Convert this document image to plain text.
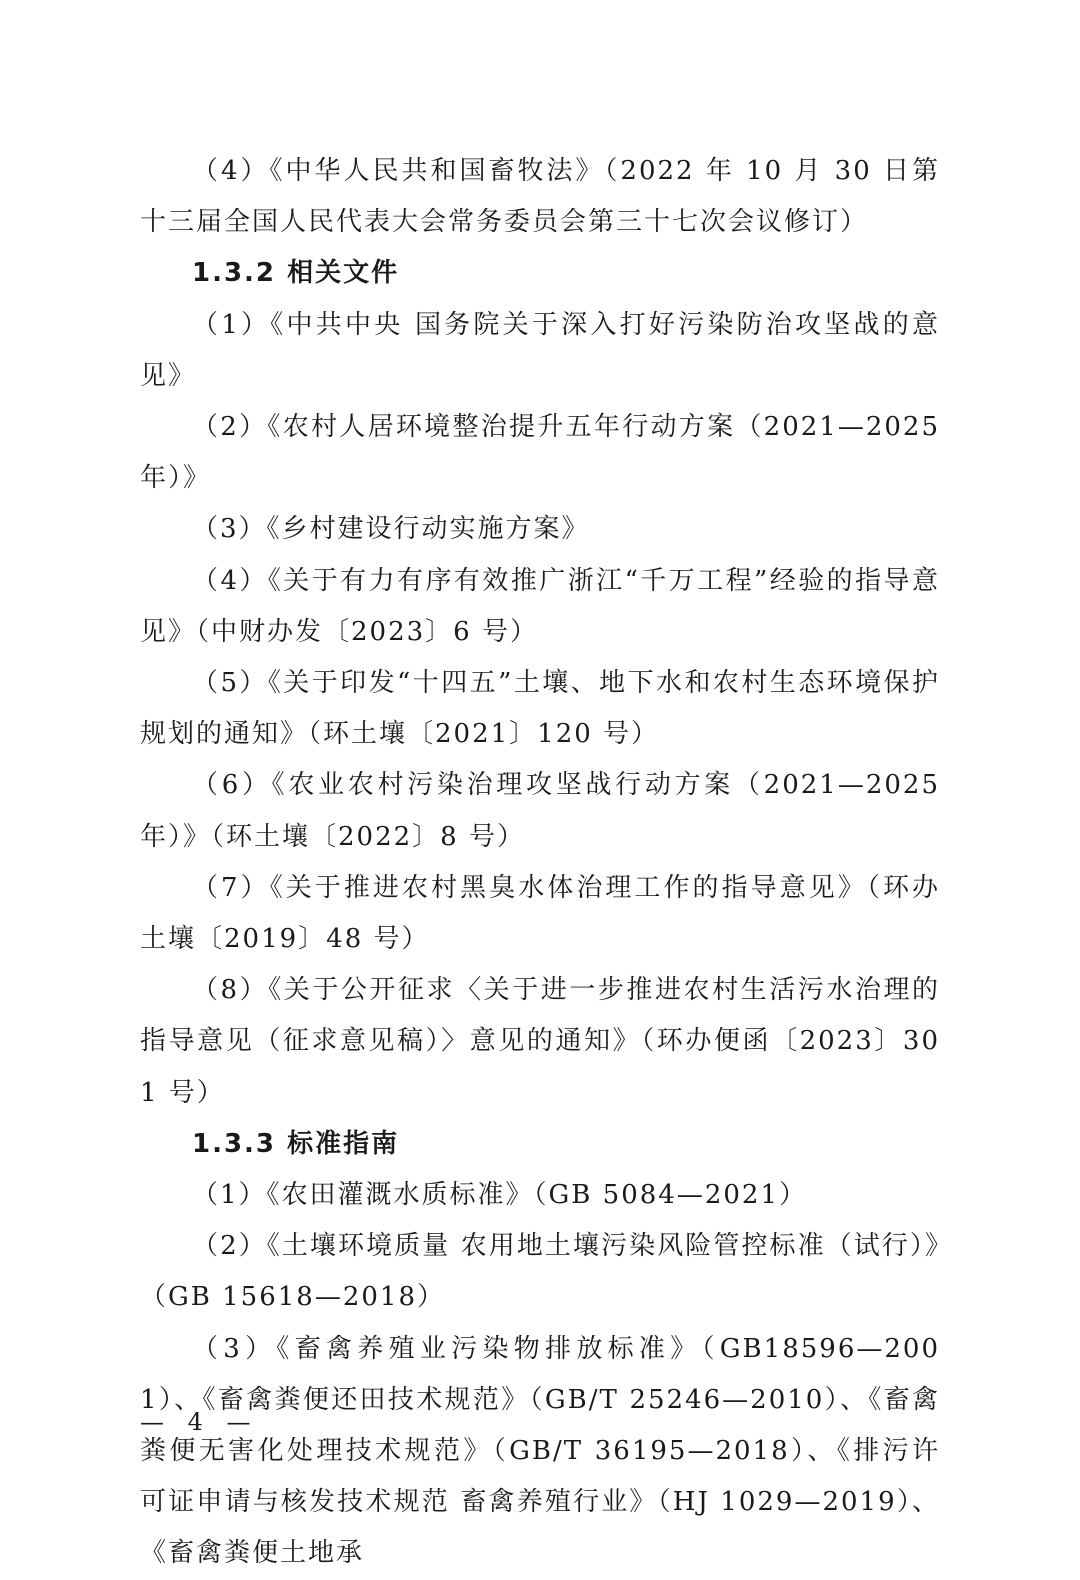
（4）《中华人民共和国畜牧法》（2022 年 10 月 30 日第十三届全国人民代表大会常务委员会第三十七次会议修订）

1.3.2 相关文件

（1）《中共中央 国务院关于深入打好污染防治攻坚战的意见》

（2）《农村人居环境整治提升五年行动方案（2021—2025 年）》

（3）《乡村建设行动实施方案》

（4）《关于有力有序有效推广浙江“千万工程”经验的指导意见》（中财办发〔2023〕6 号）

（5）《关于印发“十四五”土壤、地下水和农村生态环境保护规划的通知》（环土壤〔2021〕120 号）

（6）《农业农村污染治理攻坚战行动方案（2021—2025 年）》（环土壤〔2022〕8 号）

（7）《关于推进农村黑臭水体治理工作的指导意见》（环办土壤〔2019〕48 号）

（8）《关于公开征求〈关于进一步推进农村生活污水治理的指导意见（征求意见稿）〉意见的通知》（环办便函〔2023〕301 号）

1.3.3 标准指南

（1）《农田灌溉水质标准》（GB 5084—2021）

（2）《土壤环境质量 农用地土壤污染风险管控标准（试行）》（GB 15618—2018）

（3）《畜禽养殖业污染物排放标准》（GB18596—2001）、《畜禽粪便还田技术规范》（GB/T 25246—2010）、《畜禽粪便无害化处理技术规范》（GB/T 36195—2018）、《排污许可证申请与核发技术规范 畜禽养殖行业》（HJ 1029—2019）、《畜禽粪便土地承

— 4 —
